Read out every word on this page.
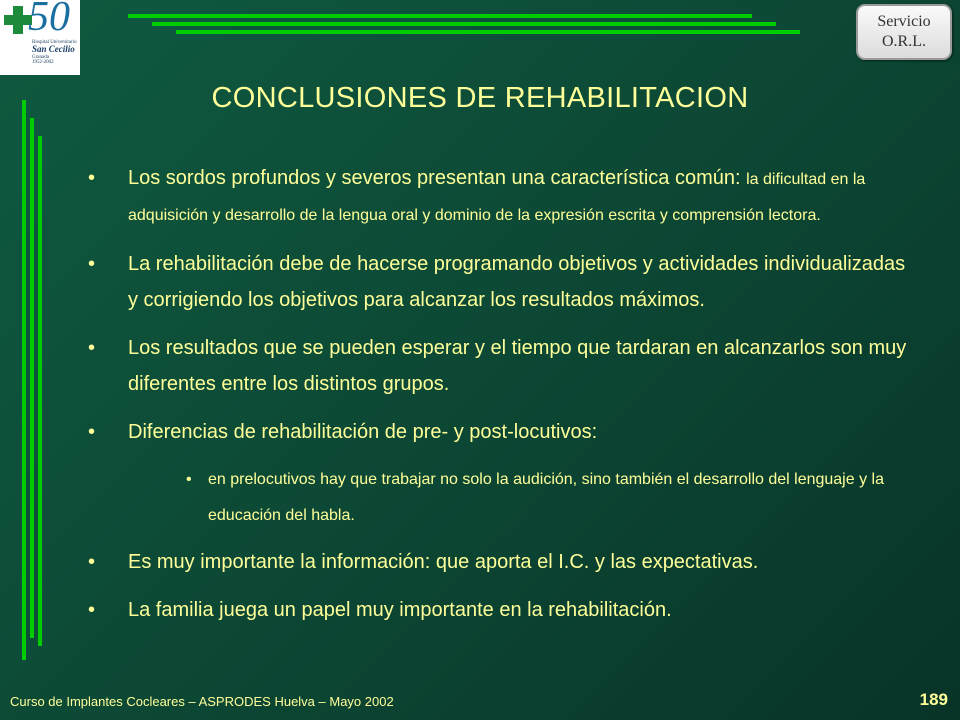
50
Hospital Universitario
San Cecilio
Granada
1952-2002
Servicio
O.R.L.
CONCLUSIONES DE REHABILITACION
• Los sordos profundos y severos presentan una característica común: la dificultad en la adquisición y desarrollo de la lengua oral y dominio de la expresión escrita y comprensión lectora.
• La rehabilitación debe de hacerse programando objetivos y actividades individualizadas y corrigiendo los objetivos para alcanzar los resultados máximos.
• Los resultados que se pueden esperar y el tiempo que tardaran en alcanzarlos son muy diferentes entre los distintos grupos.
• Diferencias de rehabilitación de pre- y post-locutivos:
• en prelocutivos hay que trabajar no solo la audición, sino también el desarrollo del lenguaje y la educación del habla.
• Es muy importante la información: que aporta el I.C. y las expectativas.
• La familia juega un papel muy importante en la rehabilitación.
Curso de Implantes Cocleares – ASPRODES Huelva – Mayo 2002	189
